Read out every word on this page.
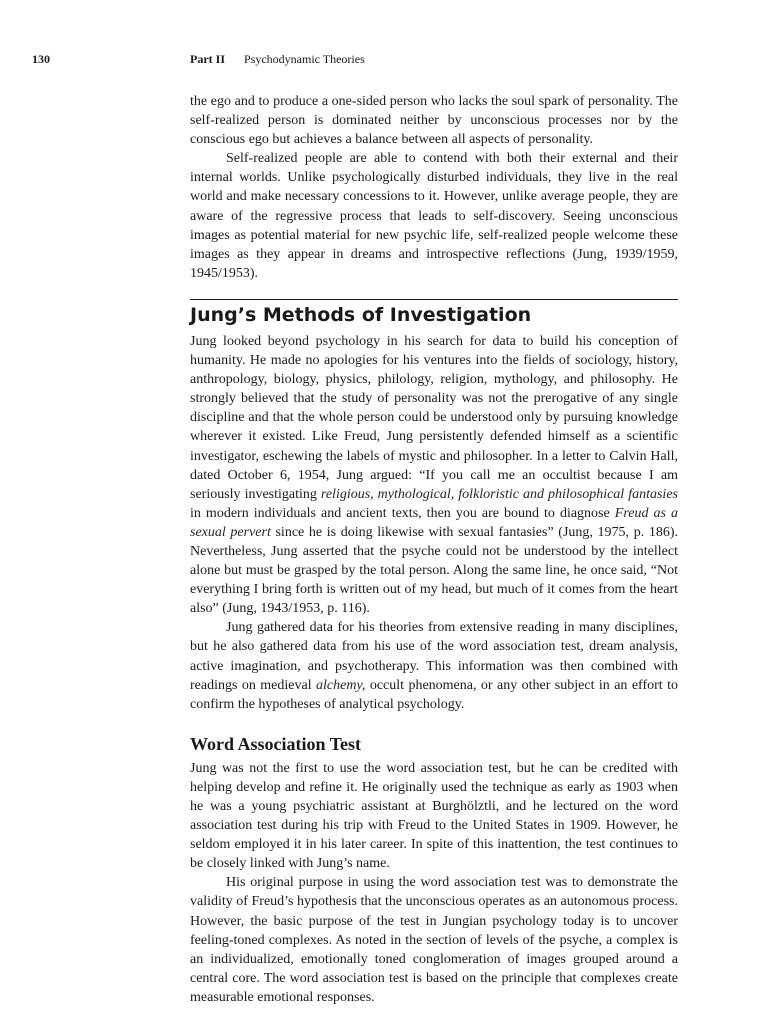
130	Part II Psychodynamic Theories

the ego and to produce a one-sided person who lacks the soul spark of personality. The self-realized person is dominated neither by unconscious processes nor by the conscious ego but achieves a balance between all aspects of personality.

Self-realized people are able to contend with both their external and their internal worlds. Unlike psychologically disturbed individuals, they live in the real world and make necessary concessions to it. However, unlike average people, they are aware of the regressive process that leads to self-discovery. Seeing unconscious images as potential material for new psychic life, self-realized people welcome these images as they appear in dreams and introspective reflections (Jung, 1939/1959, 1945/1953).

Jung’s Methods of Investigation

Jung looked beyond psychology in his search for data to build his conception of humanity. He made no apologies for his ventures into the fields of sociology, history, anthropology, biology, physics, philology, religion, mythology, and philosophy. He strongly believed that the study of personality was not the prerogative of any single discipline and that the whole person could be understood only by pursuing knowledge wherever it existed. Like Freud, Jung persistently defended himself as a scientific investigator, eschewing the labels of mystic and philosopher. In a letter to Calvin Hall, dated October 6, 1954, Jung argued: “If you call me an occultist because I am seriously investigating religious, mythological, folkloristic and philosophical fantasies in modern individuals and ancient texts, then you are bound to diagnose Freud as a sexual pervert since he is doing likewise with sexual fantasies” (Jung, 1975, p. 186). Nevertheless, Jung asserted that the psyche could not be understood by the intellect alone but must be grasped by the total person. Along the same line, he once said, “Not everything I bring forth is written out of my head, but much of it comes from the heart also” (Jung, 1943/1953, p. 116).

Jung gathered data for his theories from extensive reading in many disciplines, but he also gathered data from his use of the word association test, dream analysis, active imagination, and psychotherapy. This information was then combined with readings on medieval alchemy, occult phenomena, or any other subject in an effort to confirm the hypotheses of analytical psychology.

Word Association Test

Jung was not the first to use the word association test, but he can be credited with helping develop and refine it. He originally used the technique as early as 1903 when he was a young psychiatric assistant at Burghölztli, and he lectured on the word association test during his trip with Freud to the United States in 1909. However, he seldom employed it in his later career. In spite of this inattention, the test continues to be closely linked with Jung’s name.

His original purpose in using the word association test was to demonstrate the validity of Freud’s hypothesis that the unconscious operates as an autonomous process. However, the basic purpose of the test in Jungian psychology today is to uncover feeling-toned complexes. As noted in the section of levels of the psyche, a complex is an individualized, emotionally toned conglomeration of images grouped around a central core. The word association test is based on the principle that complexes create measurable emotional responses.
